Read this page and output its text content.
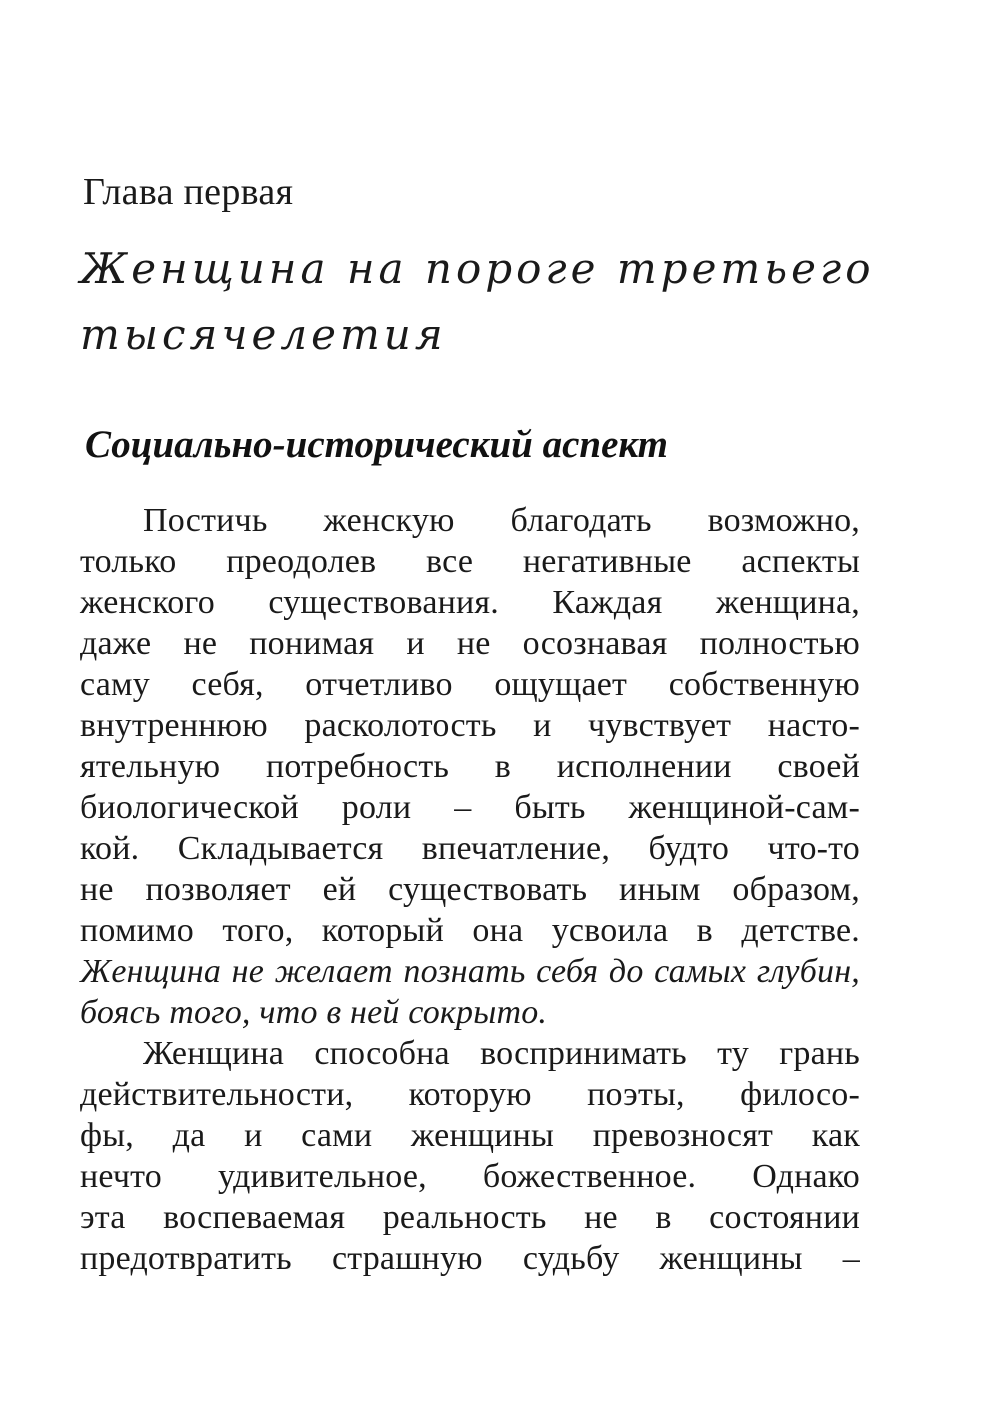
Глава первая
Женщина на пороге третьего
тысячелетия
Социально-исторический аспект
Постичь женскую благодать возможно,
только преодолев все негативные аспекты
женского существования. Каждая женщина,
даже не понимая и не осознавая полностью
саму себя, отчетливо ощущает собственную
внутреннюю расколотость и чувствует насто-
ятельную потребность в исполнении своей
биологической роли – быть женщиной-сам-
кой. Складывается впечатление, будто что-то
не позволяет ей существовать иным образом,
помимо того, который она усвоила в детстве.
Женщина не желает познать себя до самых глубин,
боясь того, что в ней сокрыто.
Женщина способна воспринимать ту грань
действительности, которую поэты, филосо-
фы, да и сами женщины превозносят как
нечто удивительное, божественное. Однако
эта воспеваемая реальность не в состоянии
предотвратить страшную судьбу женщины –
